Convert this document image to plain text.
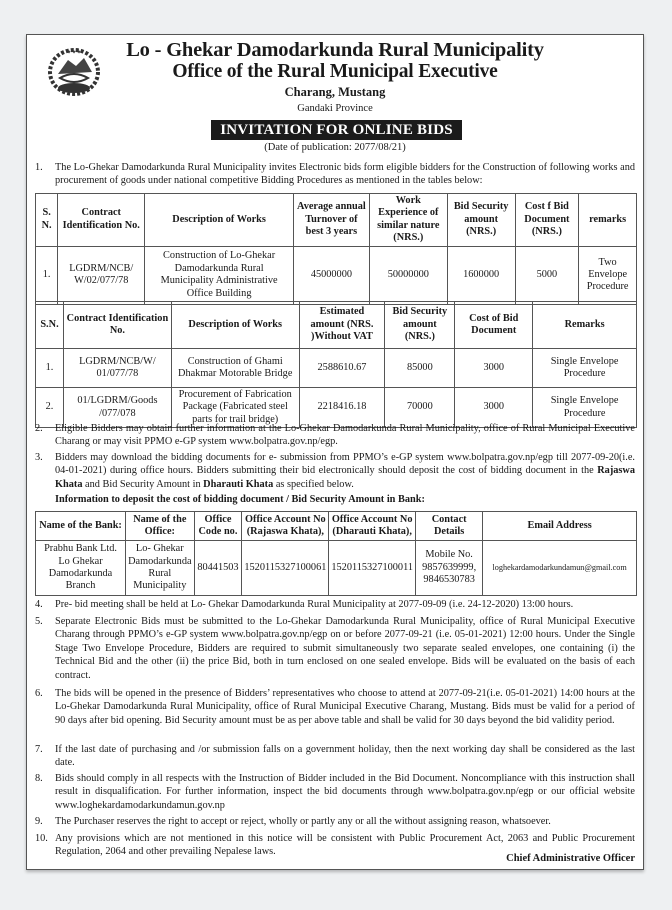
✦✦✦	Lo - Ghekar Damodarkunda Rural Municipality
Office of the Rural Municipal Executive
Charang, Mustang
Gandaki Province
INVITATION FOR ONLINE BIDS
(Date of publication: 2077/08/21)
1.	The Lo-Ghekar Damodarkunda Rural Municipality invites Electronic bids form eligible bidders for the Construction of following works and procurement of goods under national competitive Bidding Procedures as mentioned in the tables below:
S. N.	Contract Identification No.	Description of Works	Average annual Turnover of best 3 years	Work Experience of similar nature (NRS.)	Bid Security amount (NRS.)	Cost f Bid Document (NRS.)	remarks
1.	LGDRM/NCB/ W/02/077/78	Construction of Lo-Ghekar Damodarkunda Rural Municipality Administrative Office Building	45000000	50000000	1600000	5000	Two Envelope Procedure
S.N.	Contract Identification No.	Description of Works	Estimated amount (NRS. )Without VAT	Bid Security amount (NRS.)	Cost of Bid Document	Remarks
1.	LGDRM/NCB/W/ 01/077/78	Construction of Ghami Dhakmar Motorable Bridge	2588610.67	85000	3000	Single Envelope Procedure
2.	01/LGDRM/Goods /077/078	Procurement of Fabrication Package (Fabricated steel parts for trail bridge)	2218416.18	70000	3000	Single Envelope Procedure
2.	Eligible Bidders may obtain further information at the Lo-Ghekar Damodarkunda Rural Municipality, office of Rural Municipal Executive Charang or may visit PPMO e-GP system www.bolpatra.gov.np/egp.
3.	Bidders may download the bidding documents for e- submission from PPMO’s e-GP system www.bolpatra.gov.np/egp till 2077-09-20(i.e. 04-01-2021) during office hours. Bidders submitting their bid electronically should deposit the cost of bidding document in the Rajaswa Khata and Bid Security Amount in Dharauti Khata as specified below.
Information to deposit the cost of bidding document / Bid Security Amount in Bank:
Name of the Bank:	Name of the Office:	Office Code no.	Office Account No (Rajaswa Khata),	Office Account No (Dharauti Khata),	Contact Details	Email Address
Prabhu Bank Ltd. Lo Ghekar Damodarkunda Branch	Lo- Ghekar Damodarkunda Rural Municipality	80441503	1520115327100061	1520115327100011	Mobile No. 9857639999, 9846530783	loghekardamodarkundamun@gmail.com
4.	Pre- bid meeting shall be held at Lo- Ghekar Damodarkunda Rural Municipality at 2077-09-09 (i.e. 24-12-2020) 13:00 hours.
5.	Separate Electronic Bids must be submitted to the Lo-Ghekar Damodarkunda Rural Municipality, office of Rural Municipal Executive Charang through PPMO’s e-GP system www.bolpatra.gov.np/egp on or before 2077-09-21 (i.e. 05-01-2021) 12:00 hours. Under the Single Stage Two Envelope Procedure, Bidders are required to submit simultaneously two separate sealed envelopes, one containing (i) the Technical Bid and the other (ii) the price Bid, both in turn enclosed on one sealed envelope. Bids will be evaluated on the basis of each contract.
6.	The bids will be opened in the presence of Bidders’ representatives who choose to attend at 2077-09-21(i.e. 05-01-2021) 14:00 hours at the Lo-Ghekar Damodarkunda Rural Municipality, office of Rural Municipal Executive Charang, Mustang. Bids must be valid for a period of 90 days after bid opening. Bid Security amount must be as per above table and shall be valid for 30 days beyond the bid validity period.
7.	If the last date of purchasing and /or submission falls on a government holiday, then the next working day shall be considered as the last date.
8.	Bids should comply in all respects with the Instruction of Bidder included in the Bid Document. Noncompliance with this instruction shall result in disqualification. For further information, inspect the bid documents through www.bolpatra.gov.np/egp or our official website www.loghekardamodarkundamun.gov.np
9.	The Purchaser reserves the right to accept or reject, wholly or partly any or all the without assigning reason, whatsoever.
10. Any provisions which are not mentioned in this notice will be consistent with Public Procurement Act, 2063 and Public Procurement Regulation, 2064 and other prevailing Nepalese laws.
Chief Administrative Officer
